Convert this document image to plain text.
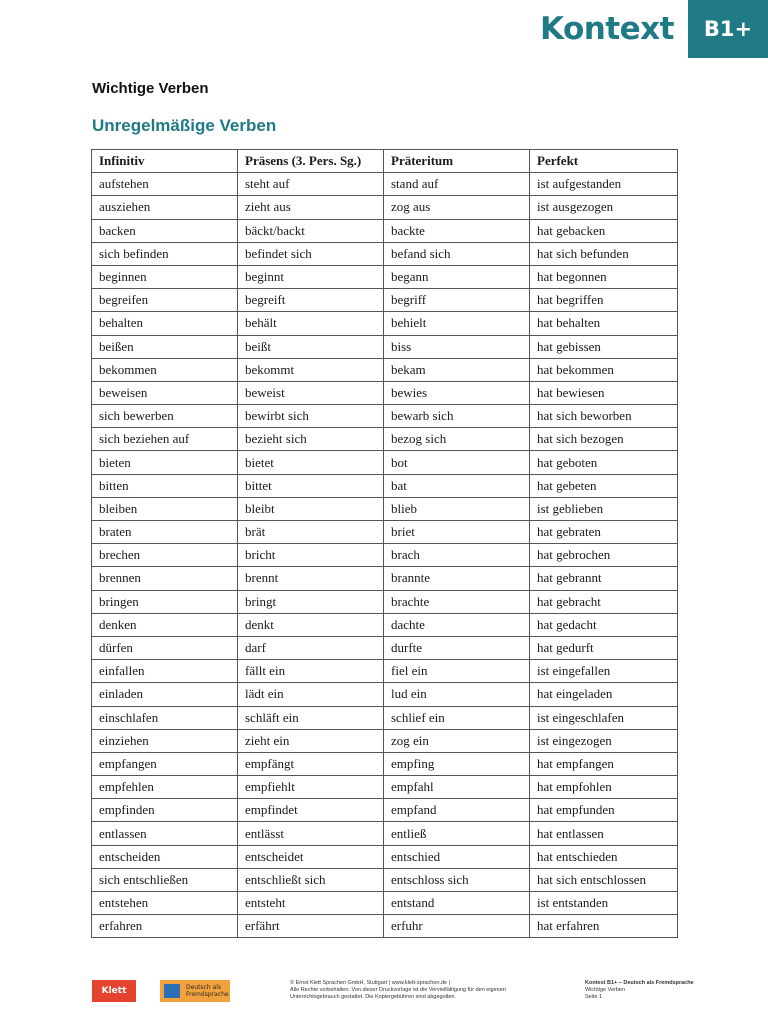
Kontext	B1+
Wichtige Verben
Unregelmäßige Verben
Infinitiv	Präsens (3. Pers. Sg.)	Präteritum	Perfekt
aufstehen	steht auf	stand auf	ist aufgestanden
ausziehen	zieht aus	zog aus	ist ausgezogen
backen	bäckt/backt	backte	hat gebacken
sich befinden	befindet sich	befand sich	hat sich befunden
beginnen	beginnt	begann	hat begonnen
begreifen	begreift	begriff	hat begriffen
behalten	behält	behielt	hat behalten
beißen	beißt	biss	hat gebissen
bekommen	bekommt	bekam	hat bekommen
beweisen	beweist	bewies	hat bewiesen
sich bewerben	bewirbt sich	bewarb sich	hat sich beworben
sich beziehen auf	bezieht sich	bezog sich	hat sich bezogen
bieten	bietet	bot	hat geboten
bitten	bittet	bat	hat gebeten
bleiben	bleibt	blieb	ist geblieben
braten	brät	briet	hat gebraten
brechen	bricht	brach	hat gebrochen
brennen	brennt	brannte	hat gebrannt
bringen	bringt	brachte	hat gebracht
denken	denkt	dachte	hat gedacht
dürfen	darf	durfte	hat gedurft
einfallen	fällt ein	fiel ein	ist eingefallen
einladen	lädt ein	lud ein	hat eingeladen
einschlafen	schläft ein	schlief ein	ist eingeschlafen
einziehen	zieht ein	zog ein	ist eingezogen
empfangen	empfängt	empfing	hat empfangen
empfehlen	empfiehlt	empfahl	hat empfohlen
empfinden	empfindet	empfand	hat empfunden
entlassen	entlässt	entließ	hat entlassen
entscheiden	entscheidet	entschied	hat entschieden
sich entschließen	entschließt sich	entschloss sich	hat sich entschlossen
entstehen	entsteht	entstand	ist entstanden
erfahren	erfährt	erfuhr	hat erfahren
Klett	Deutsch als Fremdsprache
© Ernst Klett Sprachen GmbH, Stuttgart | www.klett-sprachen.de |
Alle Rechte vorbehalten. Von dieser Druckvorlage ist die Vervielfältigung für den eigenen
Unterrichtsgebrauch gestattet. Die Kopiergebühren sind abgegolten.
Kontext B1+ – Deutsch als Fremdsprache
Wichtige Verben
Seite 1
